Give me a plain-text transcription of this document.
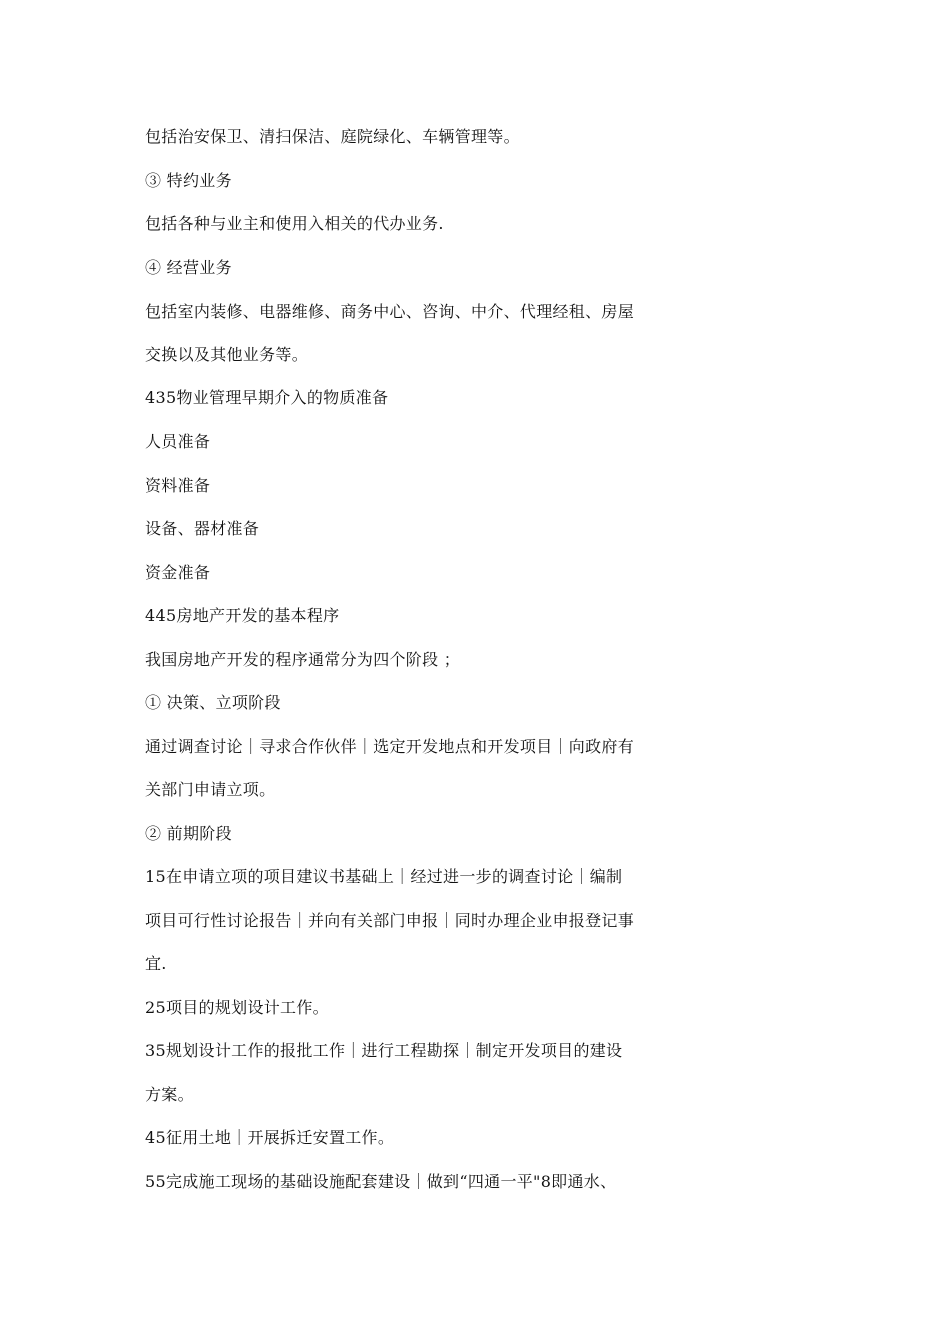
包括治安保卫、清扫保洁、庭院绿化、车辆管理等。
③ 特约业务
包括各种与业主和使用入相关的代办业务.
④ 经营业务
包括室内装修、电器维修、商务中心、咨询、中介、代理经租、房屋
交换以及其他业务等。
435物业管理早期介入的物质准备
人员准备
资料准备
设备、器材准备
资金准备
445房地产开发的基本程序
我国房地产开发的程序通常分为四个阶段 ；
① 决策、立项阶段
通过调查讨论｜寻求合作伙伴｜选定开发地点和开发项目｜向政府有
关部门申请立项。
② 前期阶段
15在申请立项的项目建议书基础上｜经过进一步的调查讨论｜编制
项目可行性讨论报告｜并向有关部门申报｜同时办理企业申报登记事
宜.
25项目的规划设计工作。
35规划设计工作的报批工作｜进行工程勘探｜制定开发项目的建设
方案。
45征用土地｜开展拆迁安置工作。
55完成施工现场的基础设施配套建设｜做到“四通一平"8即通水、
